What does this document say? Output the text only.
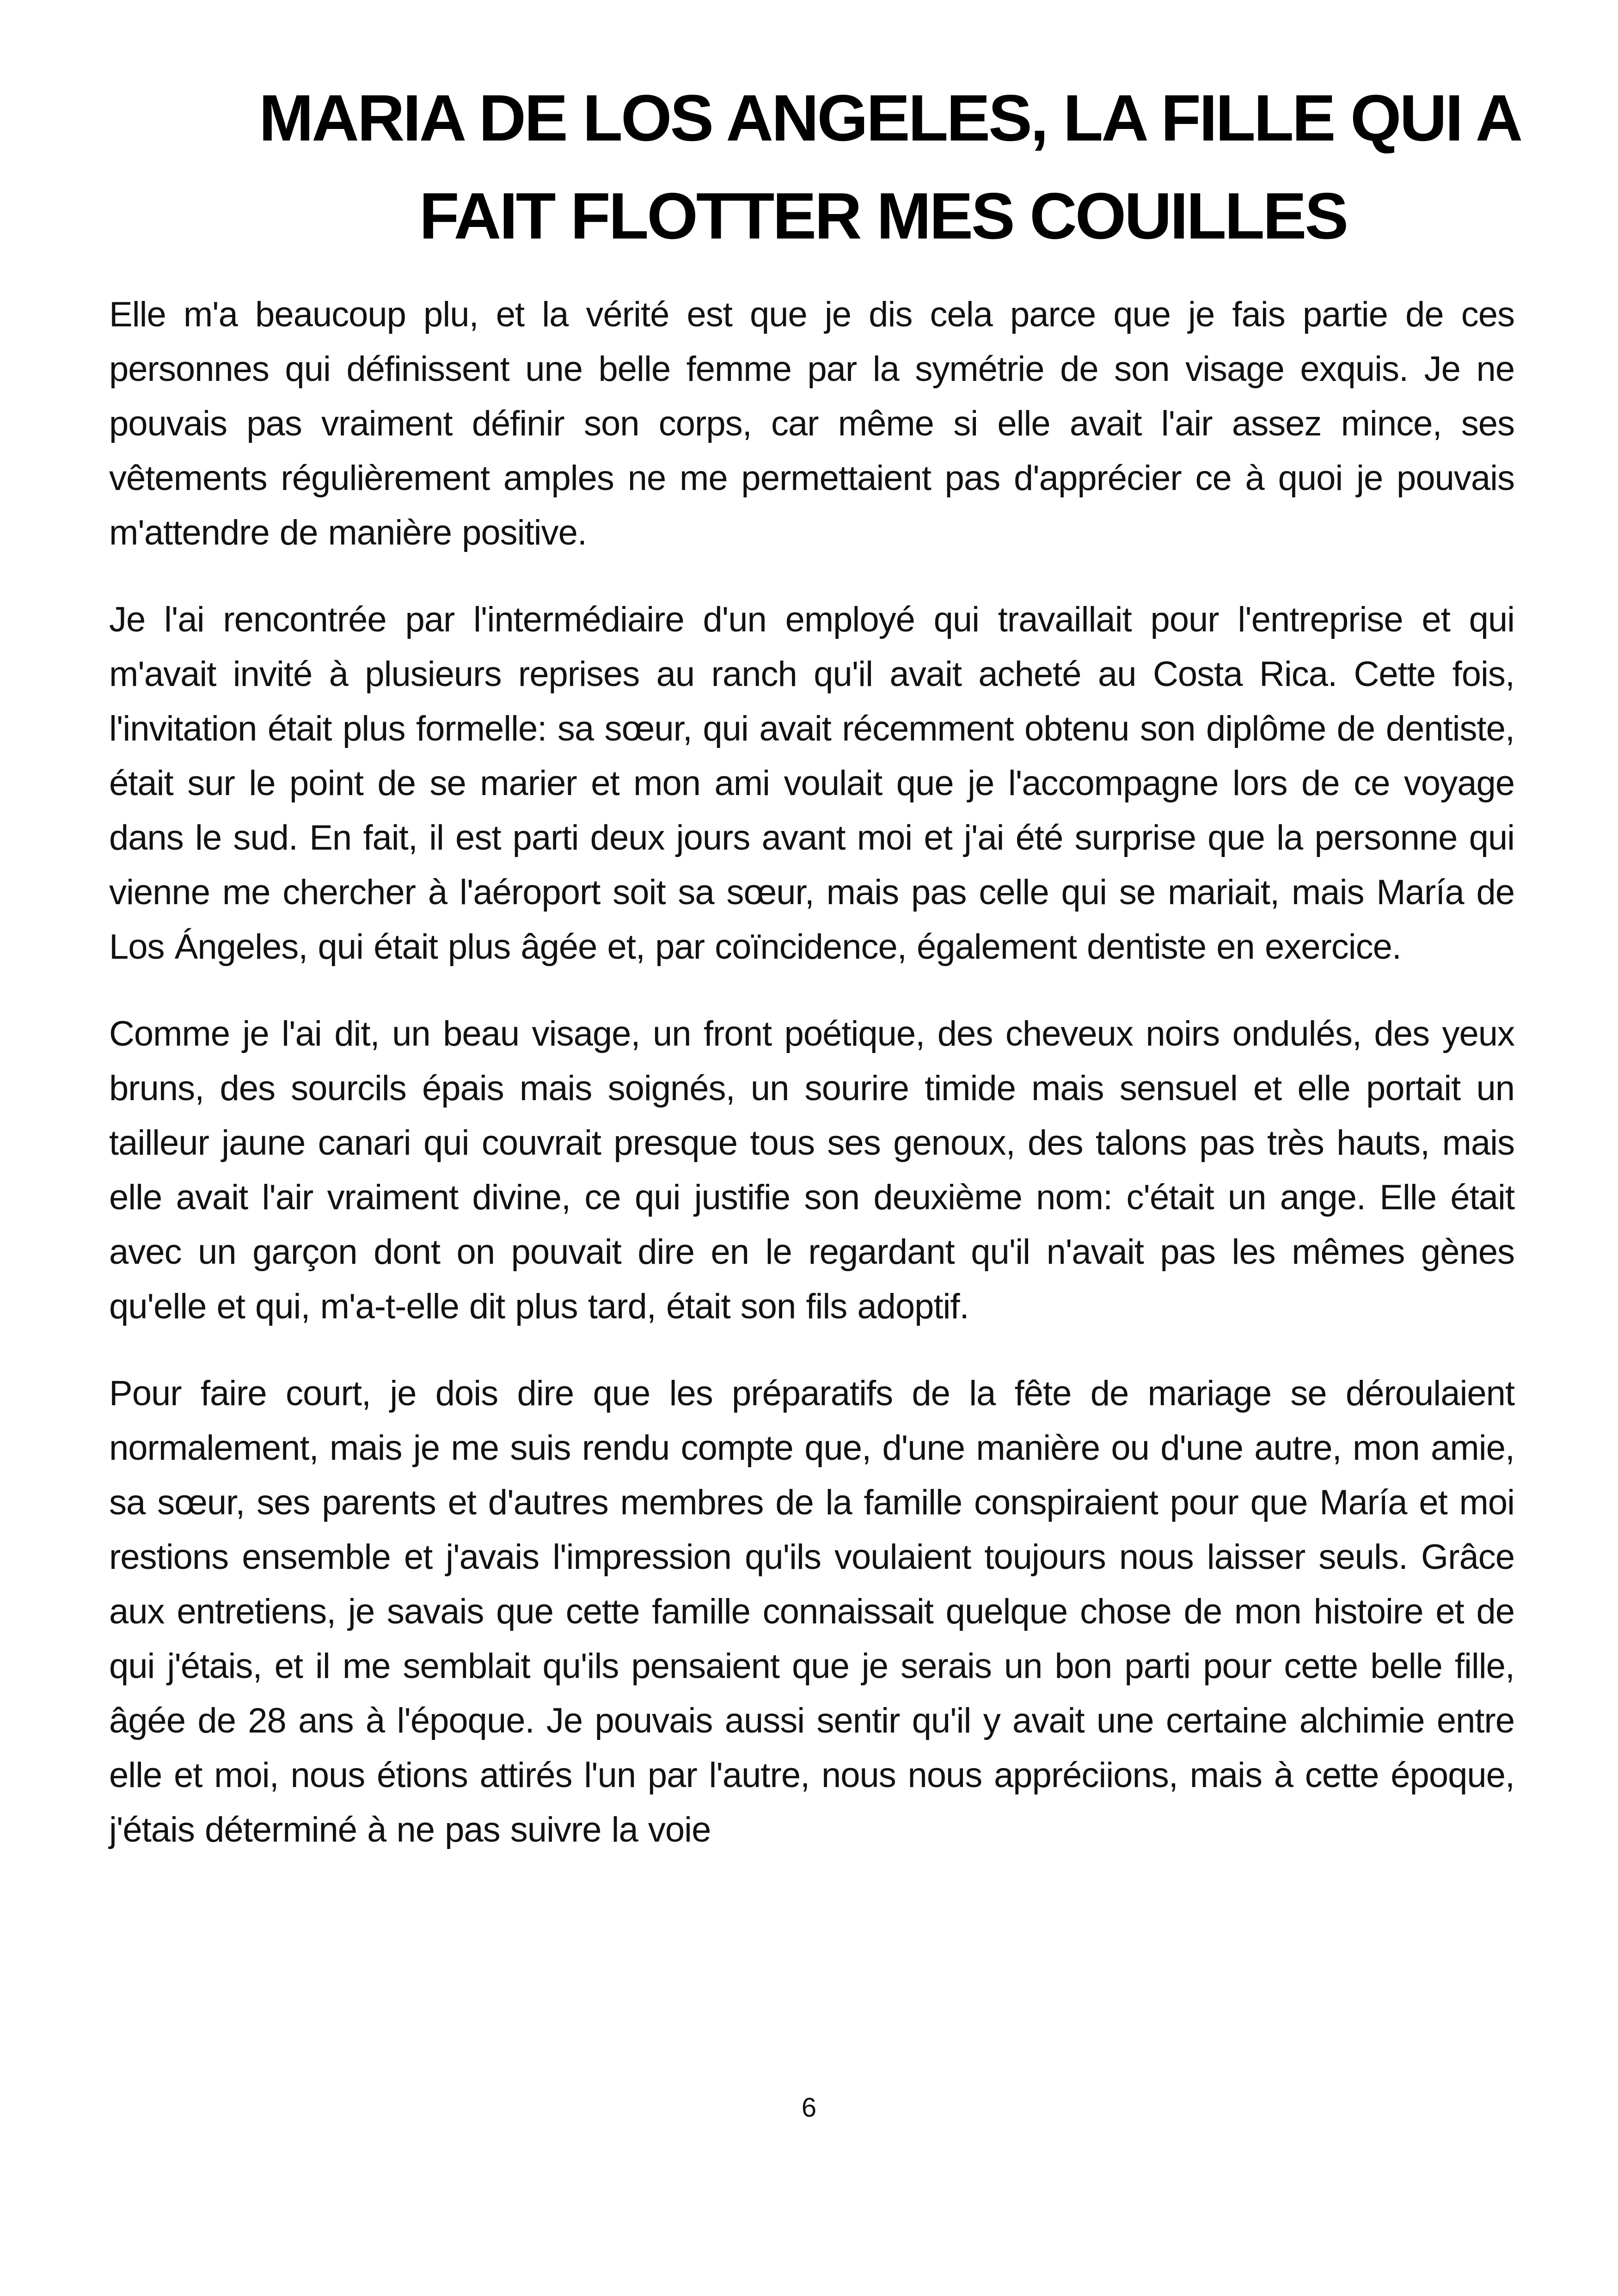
MARIA DE LOS ANGELES, LA FILLE QUI A
FAIT FLOTTER MES COUILLES

Elle m'a beaucoup plu, et la vérité est que je dis cela parce que je fais partie de ces personnes qui définissent une belle femme par la symétrie de son visage exquis. Je ne pouvais pas vraiment définir son corps, car même si elle avait l'air assez mince, ses vêtements régulièrement amples ne me permettaient pas d'apprécier ce à quoi je pouvais m'attendre de manière positive.

Je l'ai rencontrée par l'intermédiaire d'un employé qui travaillait pour l'entreprise et qui m'avait invité à plusieurs reprises au ranch qu'il avait acheté au Costa Rica. Cette fois, l'invitation était plus formelle: sa sœur, qui avait récemment obtenu son diplôme de dentiste, était sur le point de se marier et mon ami voulait que je l'accompagne lors de ce voyage dans le sud. En fait, il est parti deux jours avant moi et j'ai été surprise que la personne qui vienne me chercher à l'aéroport soit sa sœur, mais pas celle qui se mariait, mais María de Los Ángeles, qui était plus âgée et, par coïncidence, également dentiste en exercice.

Comme je l'ai dit, un beau visage, un front poétique, des cheveux noirs ondulés, des yeux bruns, des sourcils épais mais soignés, un sourire timide mais sensuel et elle portait un tailleur jaune canari qui couvrait presque tous ses genoux, des talons pas très hauts, mais elle avait l'air vraiment divine, ce qui justifie son deuxième nom: c'était un ange. Elle était avec un garçon dont on pouvait dire en le regardant qu'il n'avait pas les mêmes gènes qu'elle et qui, m'a-t-elle dit plus tard, était son fils adoptif.

Pour faire court, je dois dire que les préparatifs de la fête de mariage se déroulaient normalement, mais je me suis rendu compte que, d'une manière ou d'une autre, mon amie, sa sœur, ses parents et d'autres membres de la famille conspiraient pour que María et moi restions ensemble et j'avais l'impression qu'ils voulaient toujours nous laisser seuls. Grâce aux entretiens, je savais que cette famille connaissait quelque chose de mon histoire et de qui j'étais, et il me semblait qu'ils pensaient que je serais un bon parti pour cette belle fille, âgée de 28 ans à l'époque. Je pouvais aussi sentir qu'il y avait une certaine alchimie entre elle et moi, nous étions attirés l'un par l'autre, nous nous appréciions, mais à cette époque, j'étais déterminé à ne pas suivre la voie

6
